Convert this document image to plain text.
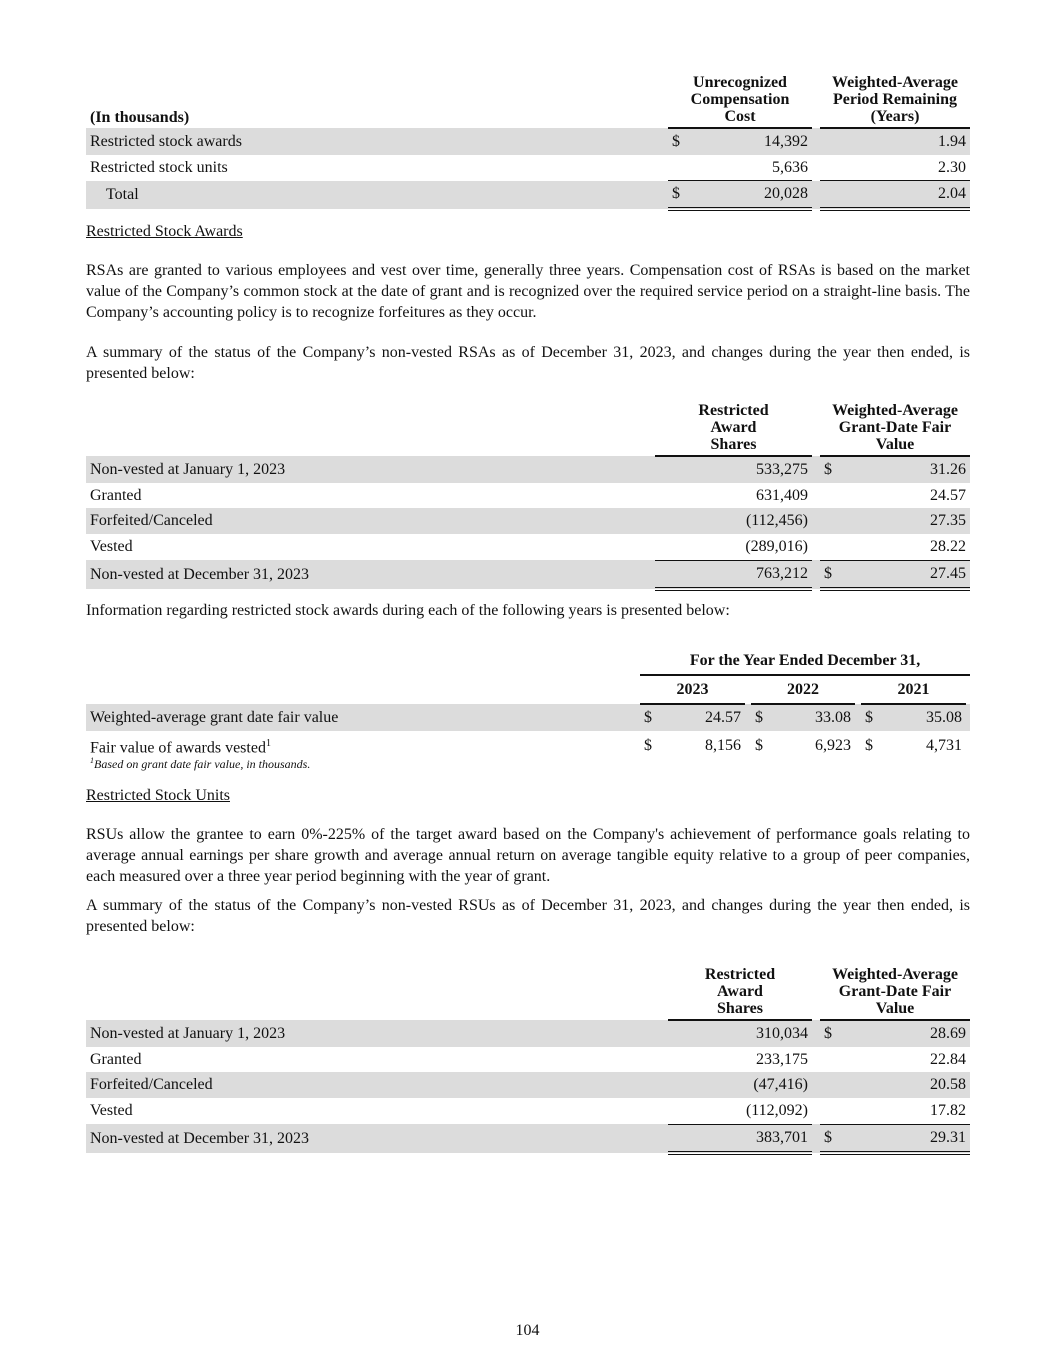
(In thousands)		Unrecognized
Compensation
Cost			Weighted-Average
Period Remaining
(Years)
Restricted stock awards		$	14,392		1.94
Restricted stock units			5,636		2.30
Total		$	20,028		2.04
Restricted Stock Awards
RSAs are granted to various employees and vest over time, generally three years. Compensation cost of RSAs is based on the market value of the Company’s common stock at the date of grant and is recognized over the required service period on a straight-line basis. The Company’s accounting policy is to recognize forfeitures as they occur.
A summary of the status of the Company’s non-vested RSAs as of December 31, 2023, and changes during the year then ended, is presented below:
		Restricted
Award
Shares		Weighted-Average
Grant-Date Fair
Value	
Non-vested at January 1, 2023		533,275		$	31.26
Granted		631,409			24.57
Forfeited/Canceled		(112,456)			27.35
Vested		(289,016)			28.22
Non-vested at December 31, 2023		763,212		$	27.45
Information regarding restricted stock awards during each of the following years is presented below:
		For the Year Ended December 31,								
		2023			2022			2021		
Weighted-average grant date fair value		$	24.57		$	33.08		$	35.08	
Fair value of awards vested$^1$		$	8,156		$	6,923		$	4,731	
$^1$Based on grant date fair value, in thousands.
Restricted Stock Units
RSUs allow the grantee to earn 0%-225% of the target award based on the Company's achievement of performance goals relating to average annual earnings per share growth and average annual return on average tangible equity relative to a group of peer companies, each measured over a three year period beginning with the year of grant.
A summary of the status of the Company’s non-vested RSUs as of December 31, 2023, and changes during the year then ended, is presented below:
		Restricted
Award
Shares		Weighted-Average
Grant-Date Fair
Value	
Non-vested at January 1, 2023		310,034		$	28.69
Granted		233,175			22.84
Forfeited/Canceled		(47,416)			20.58
Vested		(112,092)			17.82
Non-vested at December 31, 2023		383,701		$	29.31
104
